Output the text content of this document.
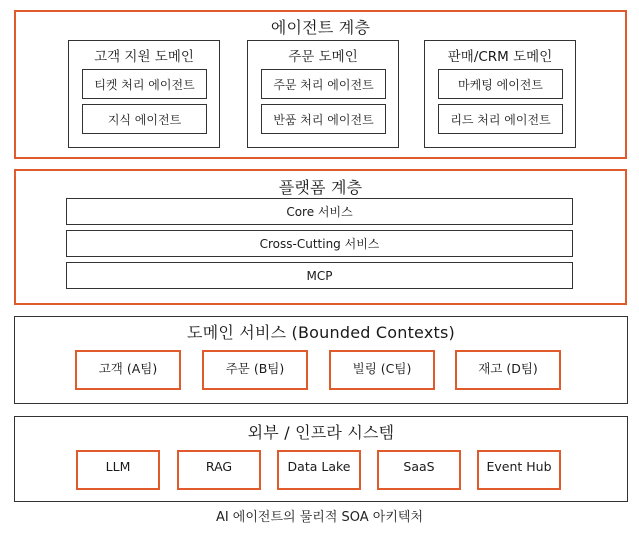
에이전트 계층
고객 지원 도메인
티켓 처리 에이전트
지식 에이전트
주문 도메인
주문 처리 에이전트
반품 처리 에이전트
판매/CRM 도메인
마케팅 에이전트
리드 처리 에이전트
플랫폼 계층
Core 서비스
Cross-Cutting 서비스
MCP
도메인 서비스 (Bounded Contexts)
고객 (A팀)	주문 (B팀)	빌링 (C팀)	재고 (D팀)
외부 / 인프라 시스템
LLM	RAG	Data Lake	SaaS	Event Hub
AI 에이전트의 물리적 SOA 아키텍처
